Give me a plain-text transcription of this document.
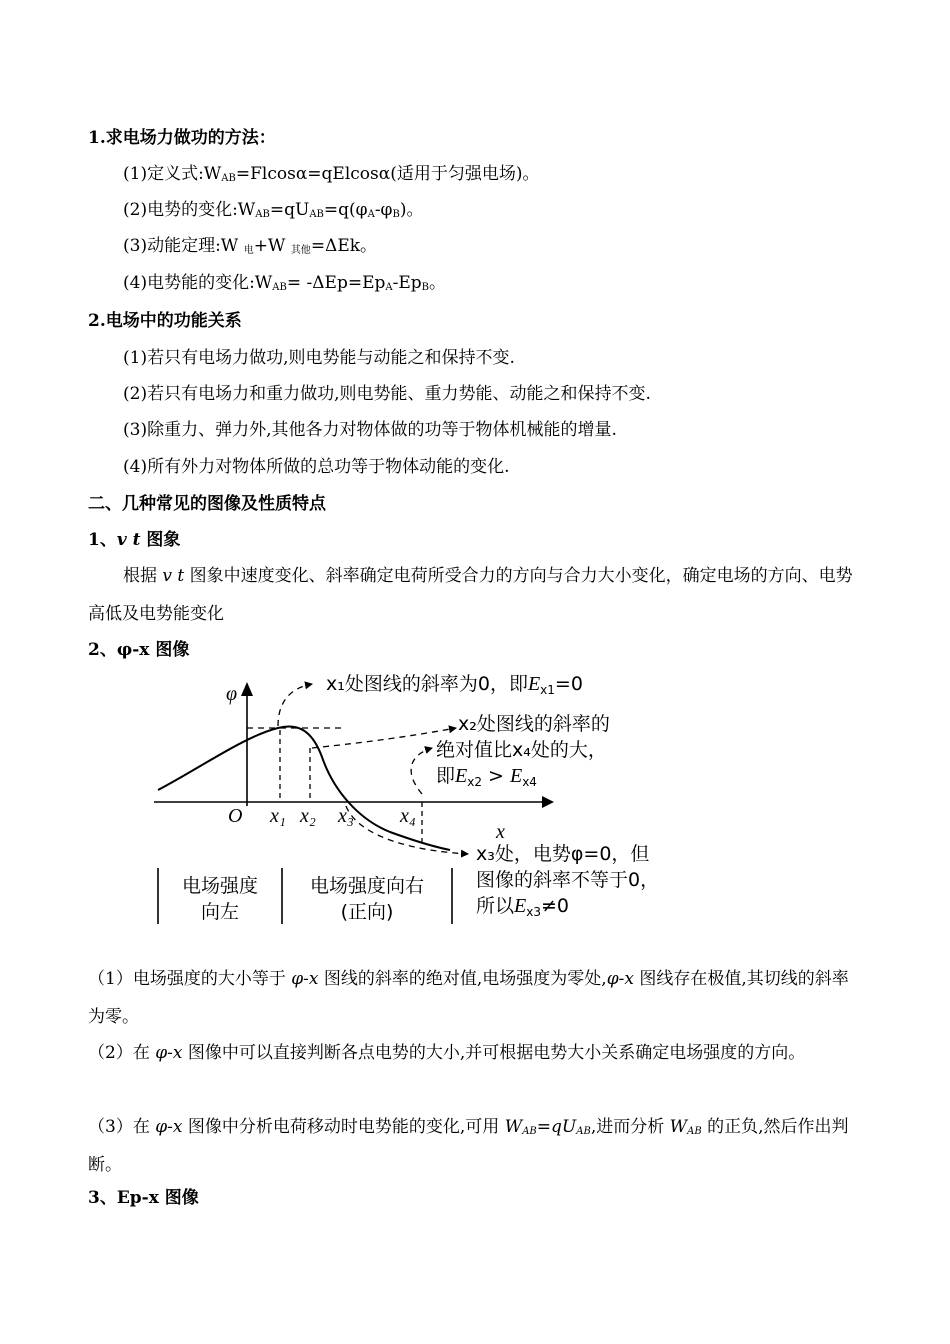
1.求电场力做功的方法：
(1)定义式$:W_{AB}=Flcos\alpha=qElcos\alpha$(适用于匀强电场)。
(2)电势的变化$:W_{AB}=qU_{AB}=q(\varphi_A-\varphi_B)$。
(3)动能定理:W $_电$+W $_{其他}$=ΔEk。
(4)电势能的变化$:W_{AB}= -\Delta Ep=Ep_A-Ep_B$。
2.电场中的功能关系
(1)若只有电场力做功,则电势能与动能之和保持不变.
(2)若只有电场力和重力做功,则电势能、重力势能、动能之和保持不变.
(3)除重力、弹力外,其他各力对物体做的功等于物体机械能的增量.
(4)所有外力对物体所做的总功等于物体动能的变化.
二、几种常见的图像及性质特点
1、v t 图象
根据 v t 图象中速度变化、斜率确定电荷所受合力的方向与合力大小变化，确定电场的方向、电势高低及电势能变化
2、φ-x 图像
φ
x
O x₁ x₂ x₃ x₄
x₁处图线的斜率为0，即$E_{x1}=0$
x₂处图线的斜率的
绝对值比x₄处的大，
即$E_{x2} > E_{x4}$
x₃处，电势φ=0，但
图像的斜率不等于0，
所以$E_{x3}\ne 0$
电场强度
向左
电场强度向右
(正向)
（1）电场强度的大小等于 φ-x 图线的斜率的绝对值,电场强度为零处,φ-x 图线存在极值,其切线的斜率为零。
（2）在 φ-x 图像中可以直接判断各点电势的大小,并可根据电势大小关系确定电场强度的方向。
（3）在 φ-x 图像中分析电荷移动时电势能的变化,可用 $W_{AB}=qU_{AB}$,进而分析 $W_{AB}$ 的正负,然后作出判断。
3、Ep-x 图像
